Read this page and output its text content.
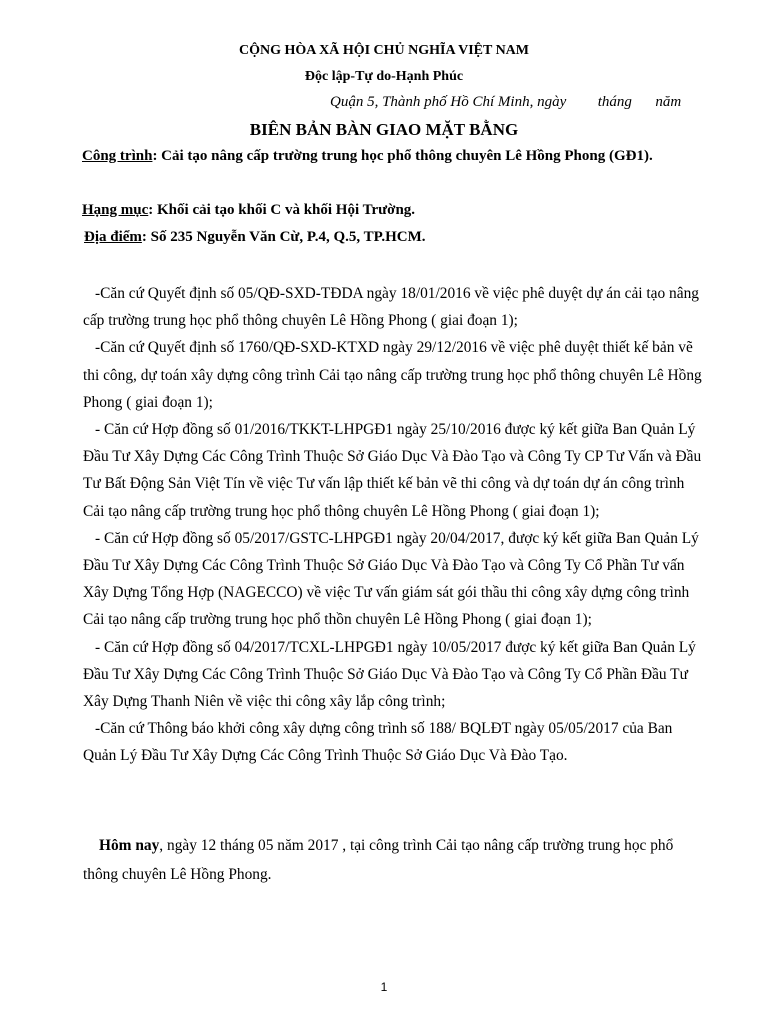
CỘNG HÒA XÃ HỘI CHỦ NGHĨA VIỆT NAM
Độc lập-Tự do-Hạnh Phúc
Quận 5, Thành phố Hồ Chí Minh, ngày tháng năm
BIÊN BẢN BÀN GIAO MẶT BẰNG
Công trình: Cải tạo nâng cấp trường trung học phổ thông chuyên Lê Hồng Phong (GĐ1).
Hạng mục: Khối cải tạo khối C và khối Hội Trường.
Địa điểm: Số 235 Nguyễn Văn Cừ, P.4, Q.5, TP.HCM.

-Căn cứ Quyết định số 05/QĐ-SXD-TĐDA ngày 18/01/2016 về việc phê duyệt dự án cải tạo nâng cấp trường trung học phổ thông chuyên Lê Hồng Phong ( giai đoạn 1);

-Căn cứ Quyết định số 1760/QĐ-SXD-KTXD ngày 29/12/2016 về việc phê duyệt thiết kế bản vẽ thi công, dự toán xây dựng công trình Cải tạo nâng cấp trường trung học phổ thông chuyên Lê Hồng Phong ( giai đoạn 1);

- Căn cứ Hợp đồng số 01/2016/TKKT-LHPGĐ1 ngày 25/10/2016 được ký kết giữa Ban Quản Lý Đầu Tư Xây Dựng Các Công Trình Thuộc Sở Giáo Dục Và Đào Tạo và Công Ty CP Tư Vấn và Đầu Tư Bất Động Sản Việt Tín về việc Tư vấn lập thiết kế bản vẽ thi công và dự toán dự án công trình Cải tạo nâng cấp trường trung học phổ thông chuyên Lê Hồng Phong ( giai đoạn 1);

- Căn cứ Hợp đồng số 05/2017/GSTC-LHPGĐ1 ngày 20/04/2017, được ký kết giữa Ban Quản Lý Đầu Tư Xây Dựng Các Công Trình Thuộc Sở Giáo Dục Và Đào Tạo và Công Ty Cổ Phần Tư vấn Xây Dựng Tổng Hợp (NAGECCO) về việc Tư vấn giám sát gói thầu thi công xây dựng công trình Cải tạo nâng cấp trường trung học phổ thồn chuyên Lê Hồng Phong ( giai đoạn 1);

- Căn cứ Hợp đồng số 04/2017/TCXL-LHPGĐ1 ngày 10/05/2017 được ký kết giữa Ban Quản Lý Đầu Tư Xây Dựng Các Công Trình Thuộc Sở Giáo Dục Và Đào Tạo và Công Ty Cổ Phần Đầu Tư Xây Dựng Thanh Niên về việc thi công xây lắp công trình;

-Căn cứ Thông báo khởi công xây dựng công trình số 188/ BQLĐT ngày 05/05/2017 của Ban Quản Lý Đầu Tư Xây Dựng Các Công Trình Thuộc Sở Giáo Dục Và Đào Tạo.

Hôm nay, ngày 12 tháng 05 năm 2017 , tại công trình Cải tạo nâng cấp trường trung học phổ thông chuyên Lê Hồng Phong.

1
